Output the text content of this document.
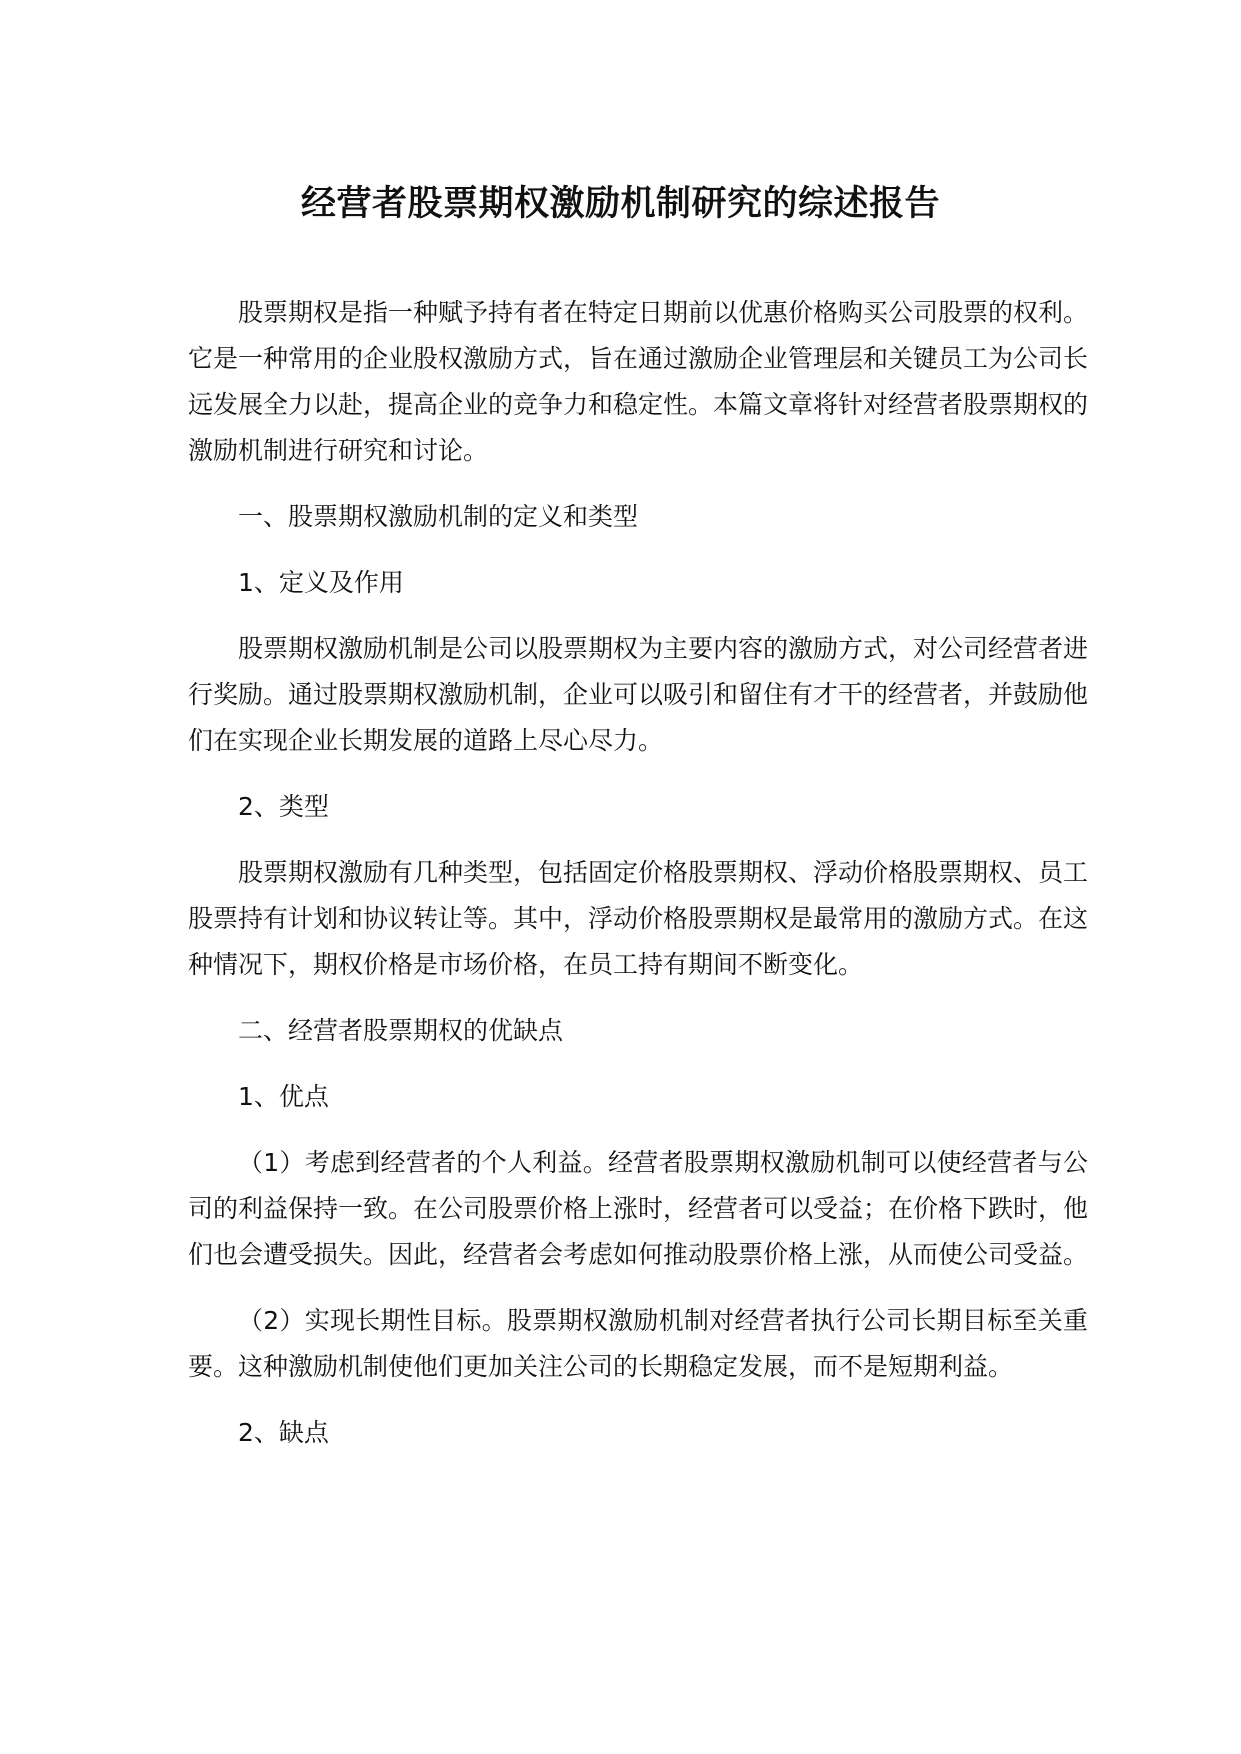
经营者股票期权激励机制研究的综述报告

股票期权是指一种赋予持有者在特定日期前以优惠价格购买公司股票的权利。它是一种常用的企业股权激励方式，旨在通过激励企业管理层和关键员工为公司长远发展全力以赴，提高企业的竞争力和稳定性。本篇文章将针对经营者股票期权的激励机制进行研究和讨论。

一、股票期权激励机制的定义和类型

1、定义及作用

股票期权激励机制是公司以股票期权为主要内容的激励方式，对公司经营者进行奖励。通过股票期权激励机制，企业可以吸引和留住有才干的经营者，并鼓励他们在实现企业长期发展的道路上尽心尽力。

2、类型

股票期权激励有几种类型，包括固定价格股票期权、浮动价格股票期权、员工股票持有计划和协议转让等。其中，浮动价格股票期权是最常用的激励方式。在这种情况下，期权价格是市场价格，在员工持有期间不断变化。

二、经营者股票期权的优缺点

1、优点

（1）考虑到经营者的个人利益。经营者股票期权激励机制可以使经营者与公司的利益保持一致。在公司股票价格上涨时，经营者可以受益；在价格下跌时，他们也会遭受损失。因此，经营者会考虑如何推动股票价格上涨，从而使公司受益。

（2）实现长期性目标。股票期权激励机制对经营者执行公司长期目标至关重要。这种激励机制使他们更加关注公司的长期稳定发展，而不是短期利益。

2、缺点
